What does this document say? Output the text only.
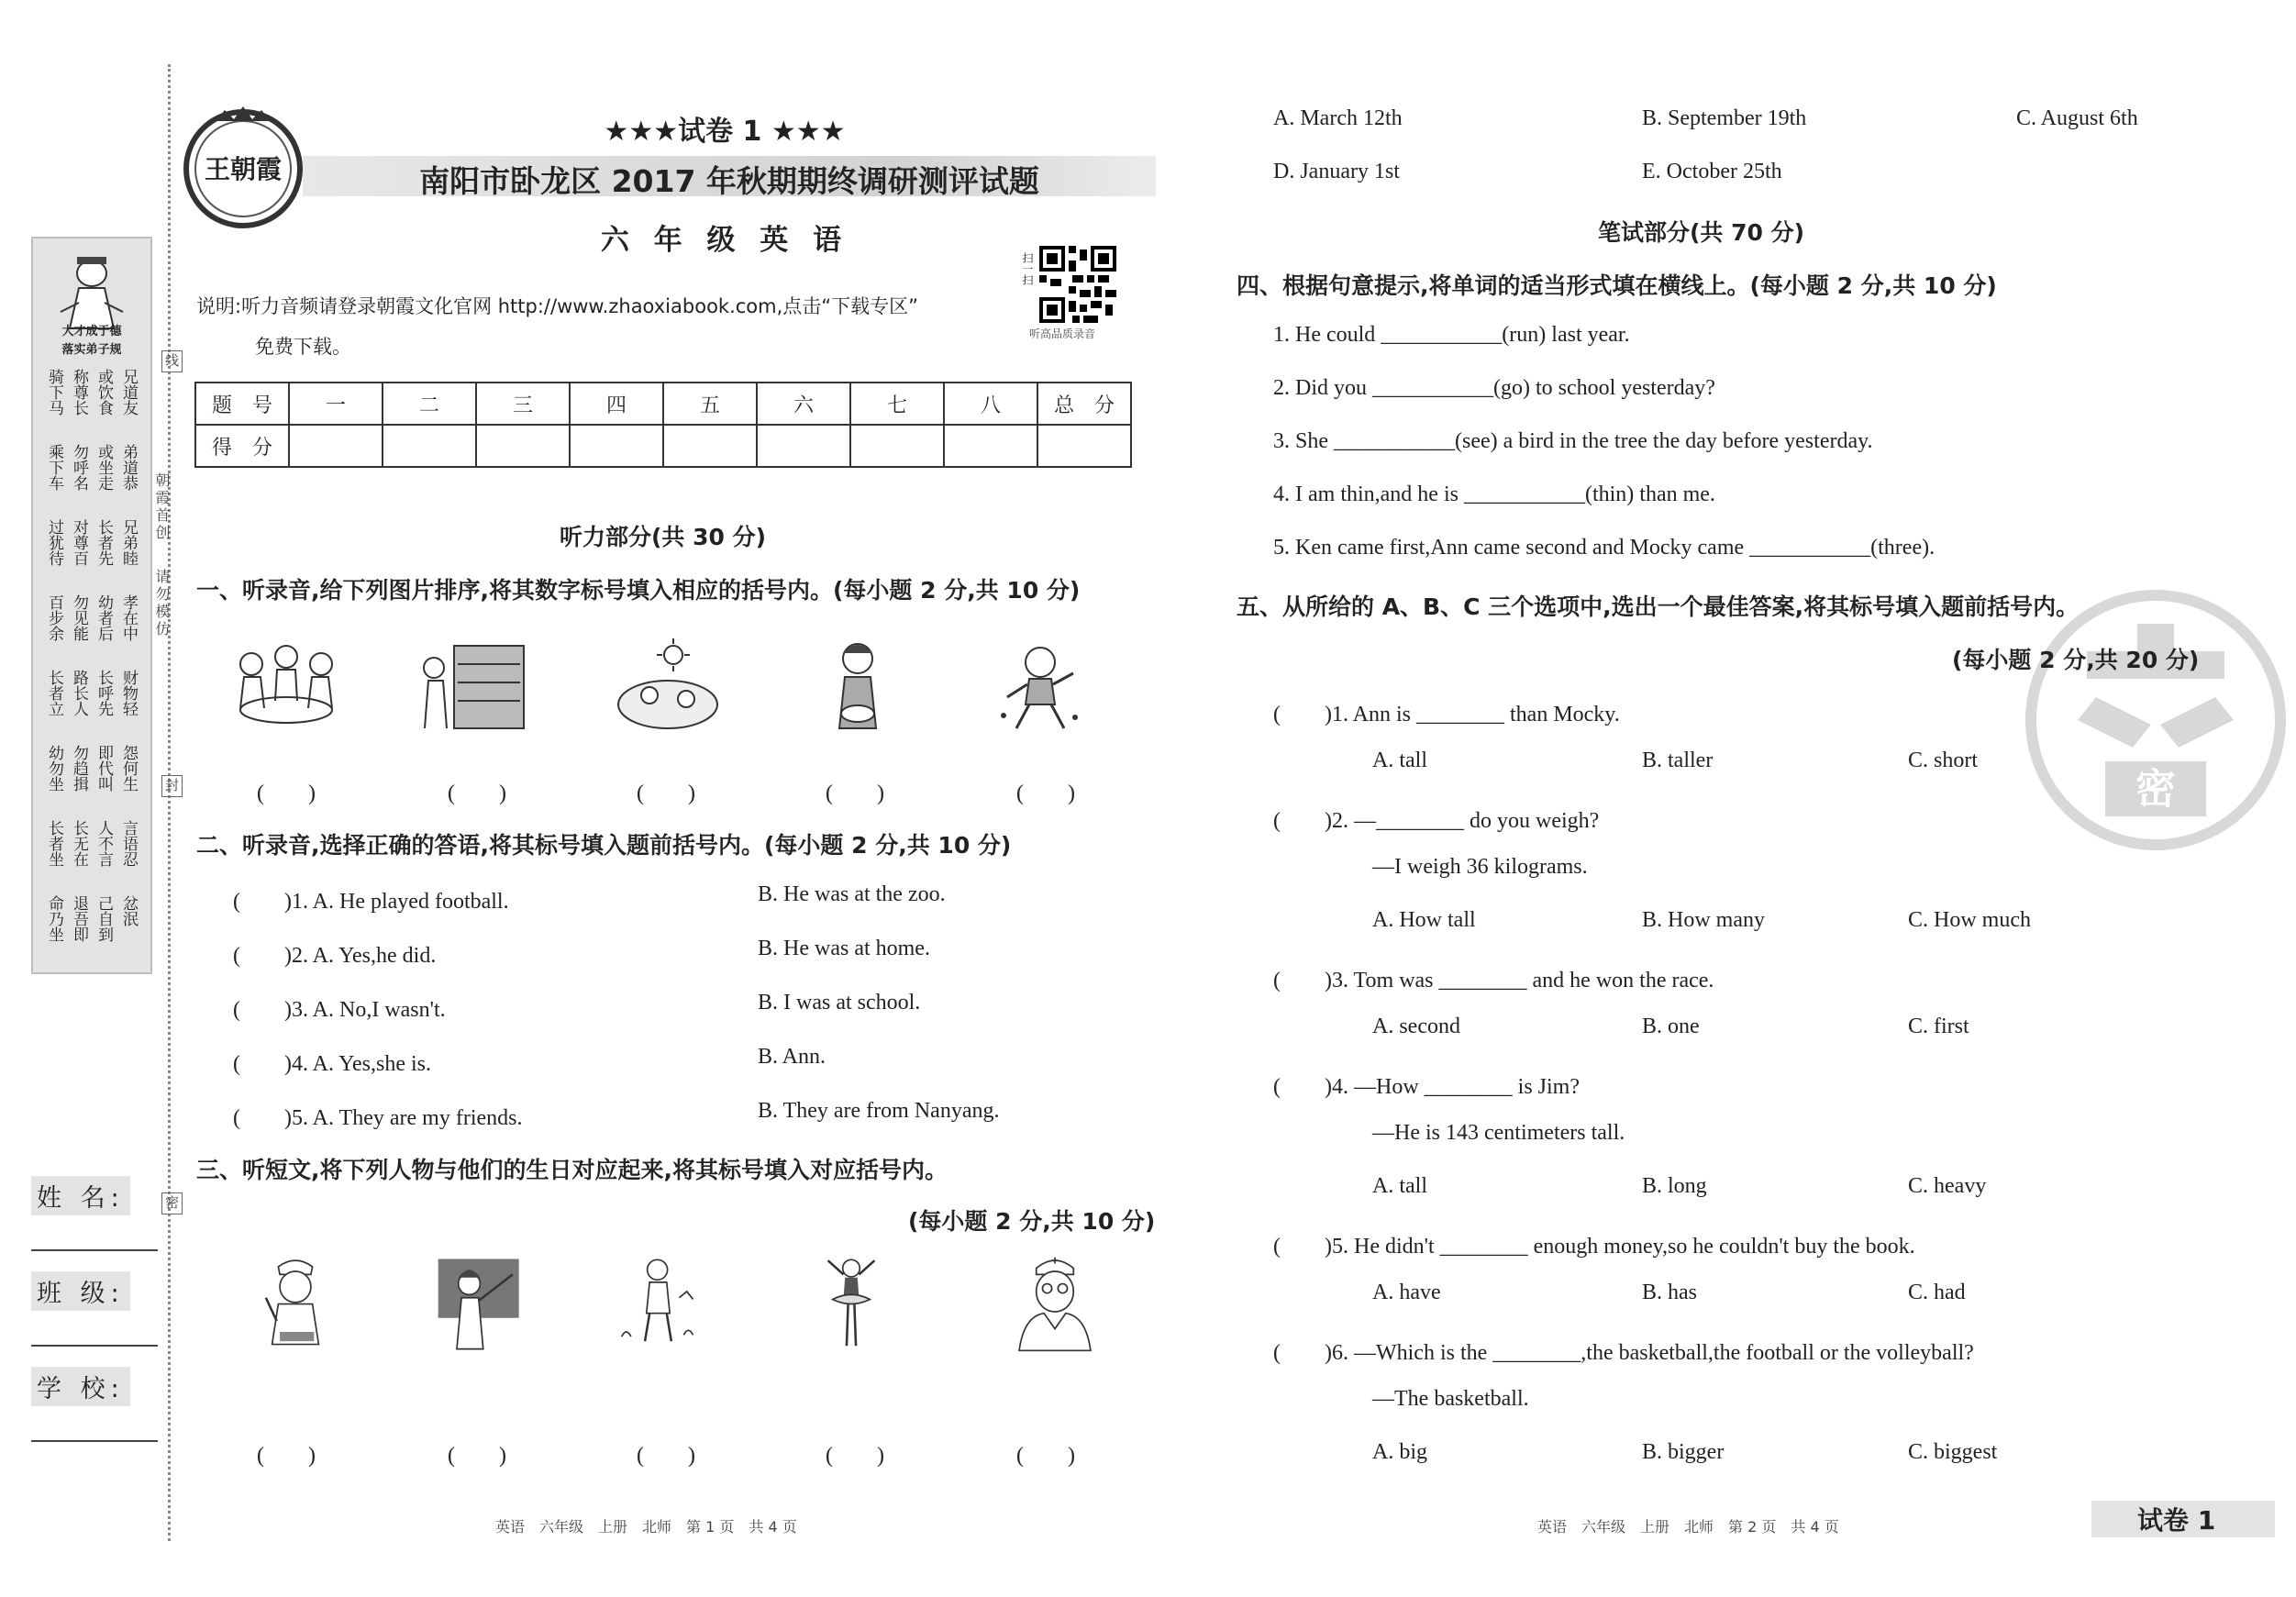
大才成于德
落实弟子规
骑下马 称尊长 或饮食 兄道友
乘下车 勿呼名 或坐走 弟道恭
过犹待 对尊百 长者先 兄弟睦
百步余 勿见能 幼者后 孝在中
长者立 路长人 长呼先 财物轻
幼勿坐 勿趋揖 即代叫 怨何生
长者坐 长无在 人不言 言语忍
命乃坐 退吾即 己自到 忿泯
线
朝霞首创
请勿模仿
封
密
姓 名:
班 级:
学 校:
王朝霞
★★★试卷 1 ★★★
南阳市卧龙区 2017 年秋期期终调研测评试题
六 年 级 英 语
说明:听力音频请登录朝霞文化官网 http://www.zhaoxiabook.com,点击“下载专区”
免费下载。
扫一扫
听高品质录音
题　号	一	二	三	四	五	六	七	八	总　分
得　分									
听力部分(共 30 分)
一、听录音,给下列图片排序,将其数字标号填入相应的括号内。(每小题 2 分,共 10 分)
(　　)	(　　)	(　　)	(　　)	(　　)
二、听录音,选择正确的答语,将其标号填入题前括号内。(每小题 2 分,共 10 分)
(　　)1. A. He played football.	B. He was at the zoo.
(　　)2. A. Yes,he did.	B. He was at home.
(　　)3. A. No,I wasn't.	B. I was at school.
(　　)4. A. Yes,she is.	B. Ann.
(　　)5. A. They are my friends.	B. They are from Nanyang.
三、听短文,将下列人物与他们的生日对应起来,将其标号填入对应括号内。
(每小题 2 分,共 10 分)
(　　)	(　　)	(　　)	(　　)	(　　)
英语　六年级　上册　北师　第 1 页　共 4 页
密
A. March 12th	B. September 19th	C. August 6th
D. January 1st	E. October 25th
笔试部分(共 70 分)
四、根据句意提示,将单词的适当形式填在横线上。(每小题 2 分,共 10 分)
1. He could ___________(run) last year.
2. Did you ___________(go) to school yesterday?
3. She ___________(see) a bird in the tree the day before yesterday.
4. I am thin,and he is ___________(thin) than me.
5. Ken came first,Ann came second and Mocky came ___________(three).
五、从所给的 A、B、C 三个选项中,选出一个最佳答案,将其标号填入题前括号内。
(每小题 2 分,共 20 分)
(　　)1. Ann is ________ than Mocky.
A. tall	B. taller	C. short
(　　)2. —________ do you weigh?
—I weigh 36 kilograms.
A. How tall	B. How many	C. How much
(　　)3. Tom was ________ and he won the race.
A. second	B. one	C. first
(　　)4. —How ________ is Jim?
—He is 143 centimeters tall.
A. tall	B. long	C. heavy
(　　)5. He didn't ________ enough money,so he couldn't buy the book.
A. have	B. has	C. had
(　　)6. —Which is the ________,the basketball,the football or the volleyball?
—The basketball.
A. big	B. bigger	C. biggest
英语　六年级　上册　北师　第 2 页　共 4 页	试卷 1
